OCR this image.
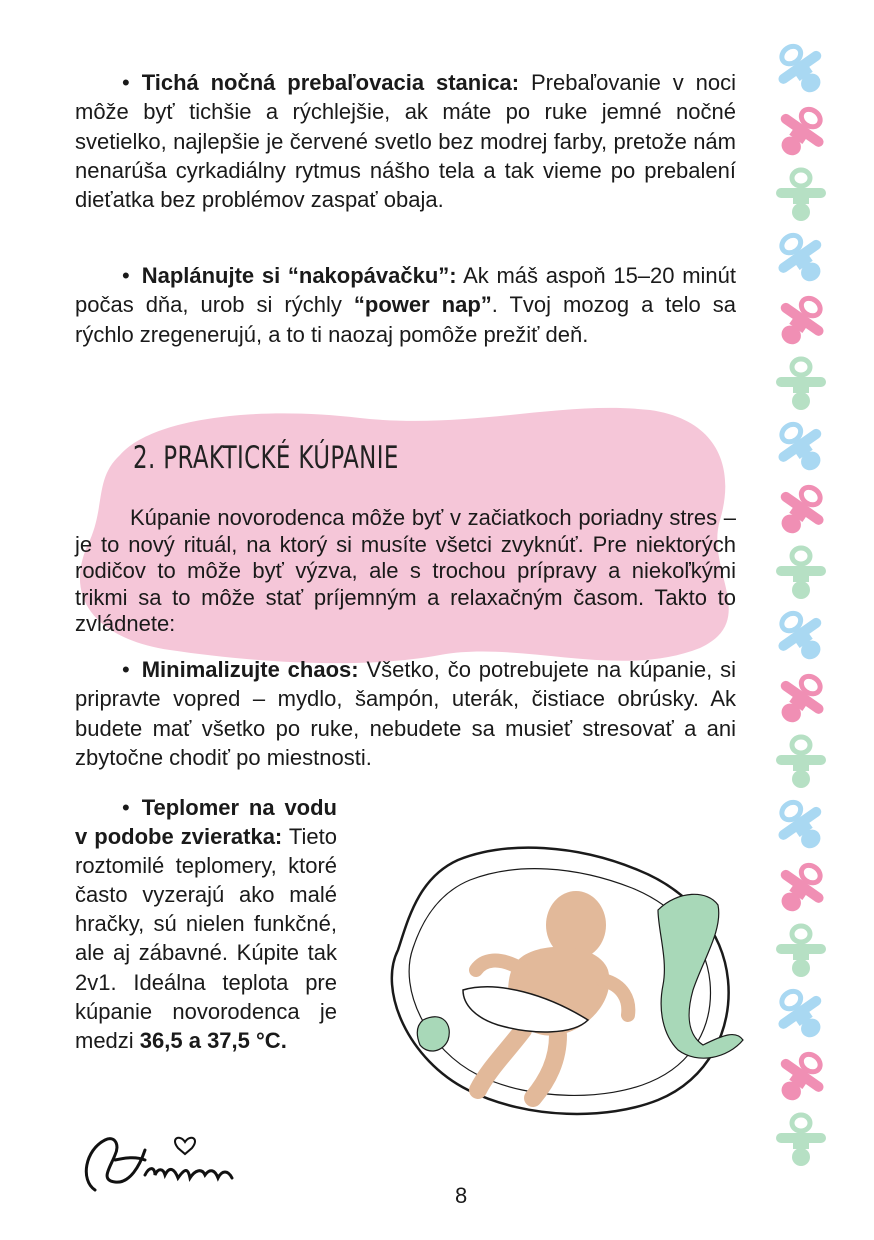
• Tichá nočná prebaľovacia stanica: Prebaľovanie v noci môže byť tichšie a rýchlejšie, ak máte po ruke jemné nočné svetielko, najlepšie je červené svetlo bez modrej farby, pretože nám nenarúša cyrkadiálny rytmus nášho tela a tak vieme po prebalení dieťatka bez problémov zaspať obaja.

• Naplánujte si “nakopávačku”: Ak máš aspoň 15–20 minút počas dňa, urob si rýchly “power nap”. Tvoj mozog a telo sa rýchlo zregenerujú, a to ti naozaj pomôže prežiť deň.

2. PRAKTICKÉ KÚPANIE

Kúpanie novorodenca môže byť v začiatkoch poriadny stres – je to nový rituál, na ktorý si musíte všetci zvyknúť. Pre niektorých rodičov to môže byť výzva, ale s trochou prípravy a niekoľkými trikmi sa to môže stať príjemným a relaxačným časom. Takto to zvládnete:

• Minimalizujte chaos: Všetko, čo potrebujete na kúpanie, si pripravte vopred – mydlo, šampón, uterák, čistiace obrúsky. Ak budete mať všetko po ruke, nebudete sa musieť stresovať a ani zbytočne chodiť po miestnosti.

• Teplomer na vodu v podobe zvieratka: Tieto roztomilé teplomery, ktoré často vyzerajú ako malé hračky, sú nielen funkčné, ale aj zábavné. Kúpite tak 2v1. Ideálna teplota pre kúpanie novorodenca je medzi 36,5 a 37,5 °C.

8
